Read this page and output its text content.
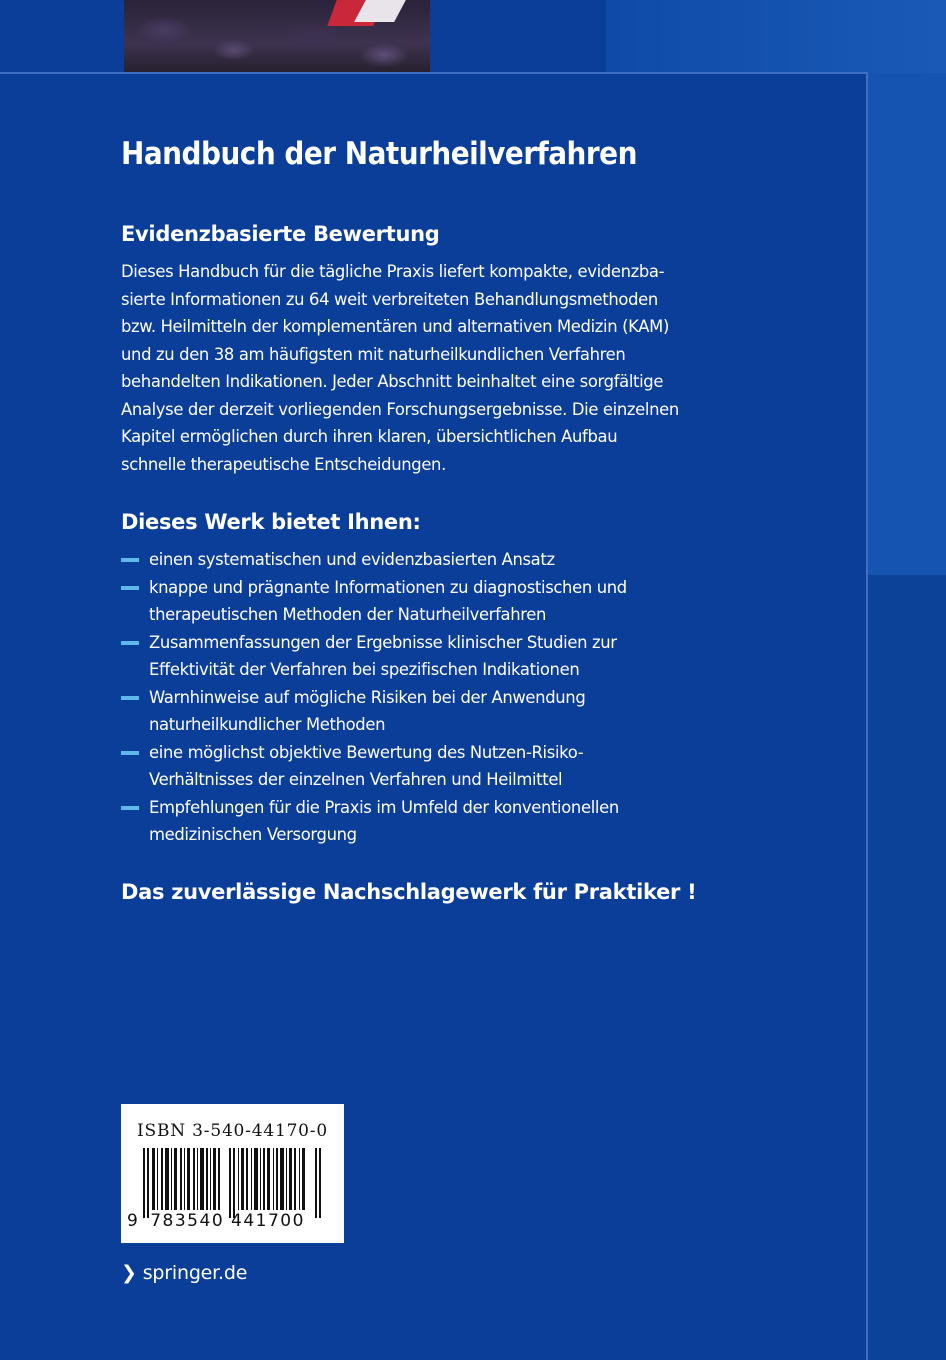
Handbuch der Naturheilverfahren
Evidenzbasierte Bewertung

Dieses Handbuch für die tägliche Praxis liefert kompakte, evidenzba-
sierte Informationen zu 64 weit verbreiteten Behandlungsmethoden
bzw. Heilmitteln der komplementären und alternativen Medizin (KAM)
und zu den 38 am häufigsten mit naturheilkundlichen Verfahren
behandelten Indikationen. Jeder Abschnitt beinhaltet eine sorgfältige
Analyse der derzeit vorliegenden Forschungsergebnisse. Die einzelnen
Kapitel ermöglichen durch ihren klaren, übersichtlichen Aufbau
schnelle therapeutische Entscheidungen.

Dieses Werk bietet Ihnen:
einen systematischen und evidenzbasierten Ansatz
knappe und prägnante Informationen zu diagnostischen und
therapeutischen Methoden der Naturheilverfahren
Zusammenfassungen der Ergebnisse klinischer Studien zur
Effektivität der Verfahren bei spezifischen Indikationen
Warnhinweise auf mögliche Risiken bei der Anwendung
naturheilkundlicher Methoden
eine möglichst objektive Bewertung des Nutzen-Risiko-
Verhältnisses der einzelnen Verfahren und Heilmittel
Empfehlungen für die Praxis im Umfeld der konventionellen
medizinischen Versorgung

Das zuverlässige Nachschlagewerk für Praktiker !

ISBN 3-540-44170-0
9 783540 441700
❯ springer.de
